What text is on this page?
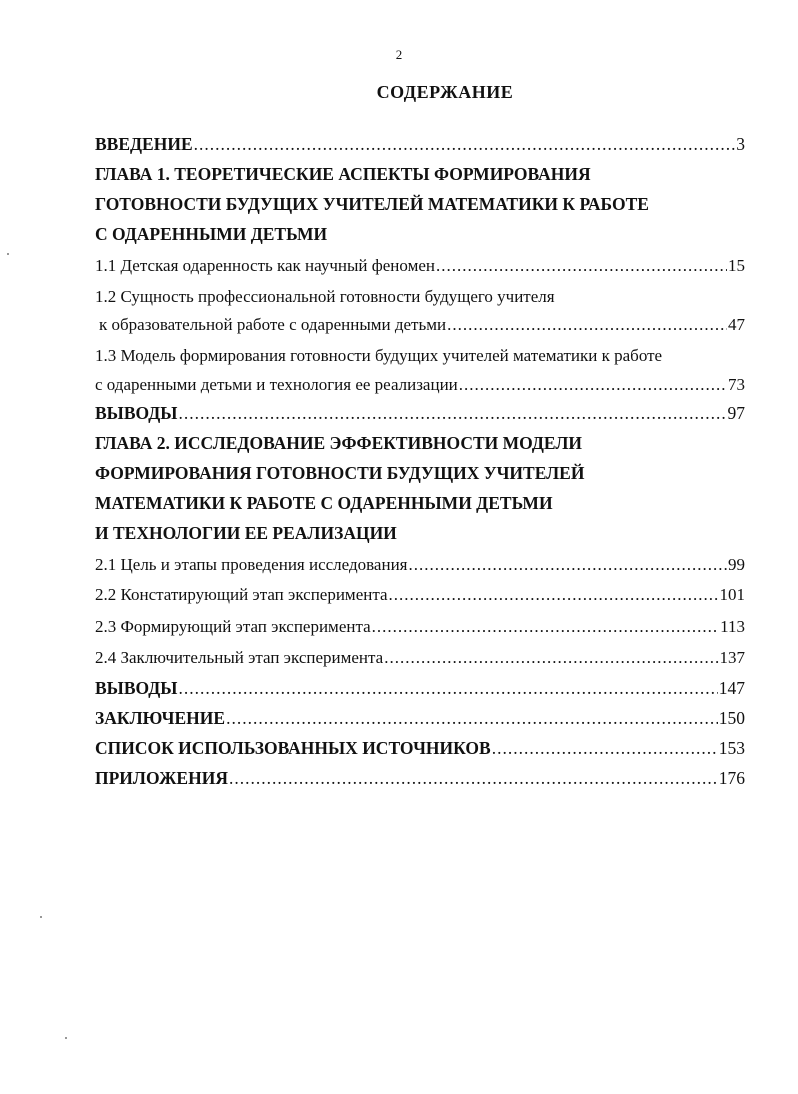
2
СОДЕРЖАНИЕ
ВВЕДЕНИЕ .....	3
ГЛАВА 1. ТЕОРЕТИЧЕСКИЕ АСПЕКТЫ ФОРМИРОВАНИЯ
ГОТОВНОСТИ БУДУЩИХ УЧИТЕЛЕЙ МАТЕМАТИКИ К РАБОТЕ
С ОДАРЕННЫМИ ДЕТЬМИ
1.1 Детская одаренность как научный феномен .....	15
1.2 Сущность профессиональной готовности будущего учителя
к образовательной работе с одаренными детьми .....	47
1.3 Модель формирования готовности будущих учителей математики к работе
с одаренными детьми и технология ее реализации .....	73
ВЫВОДЫ .....	97
ГЛАВА 2. ИССЛЕДОВАНИЕ ЭФФЕКТИВНОСТИ МОДЕЛИ
ФОРМИРОВАНИЯ ГОТОВНОСТИ БУДУЩИХ УЧИТЕЛЕЙ
МАТЕМАТИКИ К РАБОТЕ С ОДАРЕННЫМИ ДЕТЬМИ
И ТЕХНОЛОГИИ ЕЕ РЕАЛИЗАЦИИ
2.1 Цель и этапы проведения исследования .....	99
2.2 Констатирующий этап эксперимента .....	101
2.3 Формирующий этап эксперимента .....	113
2.4 Заключительный этап эксперимента .....	137
ВЫВОДЫ .....	147
ЗАКЛЮЧЕНИЕ .....	150
СПИСОК ИСПОЛЬЗОВАННЫХ ИСТОЧНИКОВ .....	153
ПРИЛОЖЕНИЯ .....	176
